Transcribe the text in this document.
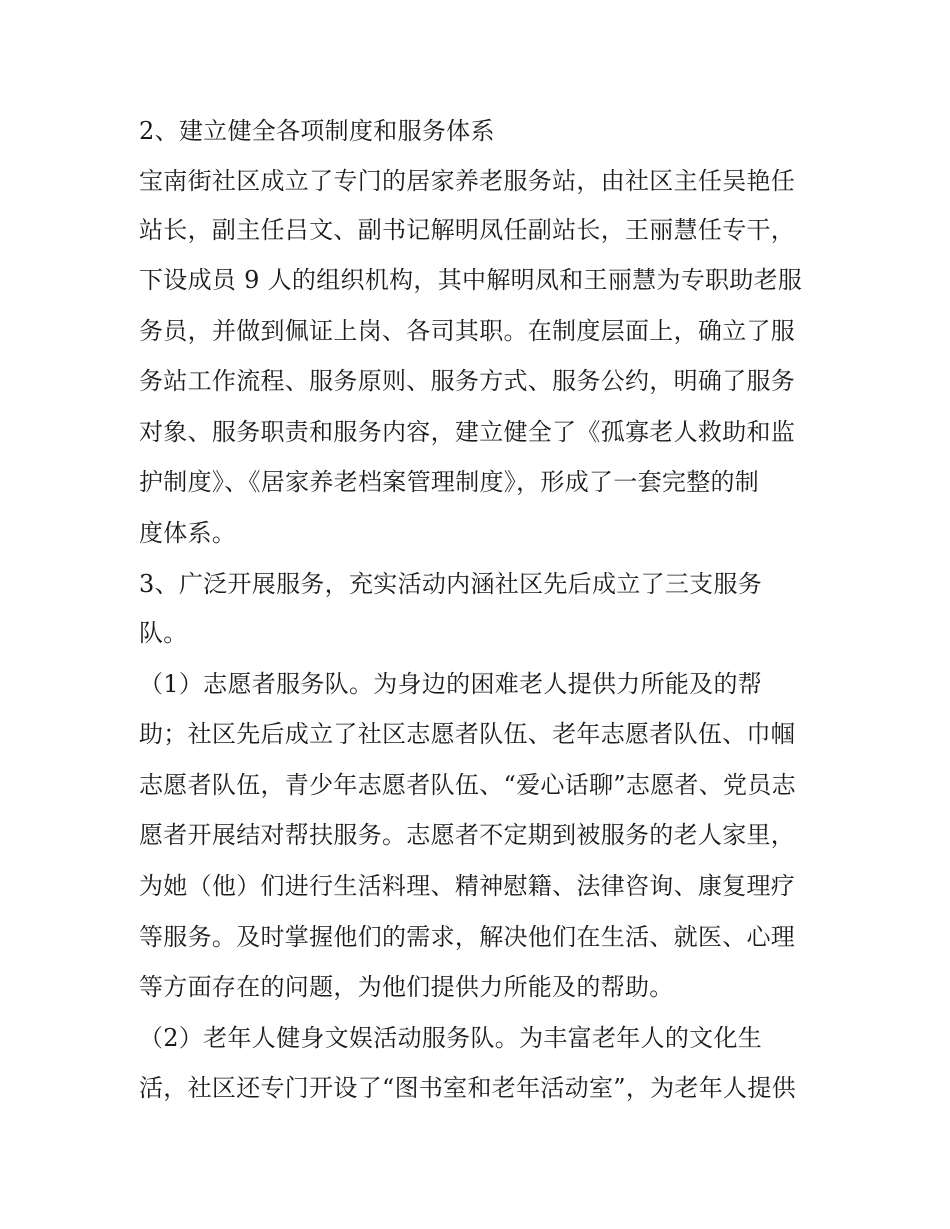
2、建立健全各项制度和服务体系
宝南街社区成立了专门的居家养老服务站，由社区主任吴艳任
站长，副主任吕文、副书记解明凤任副站长，王丽慧任专干，
下设成员 9 人的组织机构，其中解明凤和王丽慧为专职助老服
务员，并做到佩证上岗、各司其职。在制度层面上，确立了服
务站工作流程、服务原则、服务方式、服务公约，明确了服务
对象、服务职责和服务内容，建立健全了《孤寡老人救助和监
护制度》、《居家养老档案管理制度》，形成了一套完整的制
度体系。
3、广泛开展服务，充实活动内涵社区先后成立了三支服务
队。
（1）志愿者服务队。为身边的困难老人提供力所能及的帮
助；社区先后成立了社区志愿者队伍、老年志愿者队伍、巾帼
志愿者队伍，青少年志愿者队伍、“爱心话聊”志愿者、党员志
愿者开展结对帮扶服务。志愿者不定期到被服务的老人家里，
为她（他）们进行生活料理、精神慰籍、法律咨询、康复理疗
等服务。及时掌握他们的需求，解决他们在生活、就医、心理
等方面存在的问题，为他们提供力所能及的帮助。
（2）老年人健身文娱活动服务队。为丰富老年人的文化生
活，社区还专门开设了“图书室和老年活动室”，为老年人提供
